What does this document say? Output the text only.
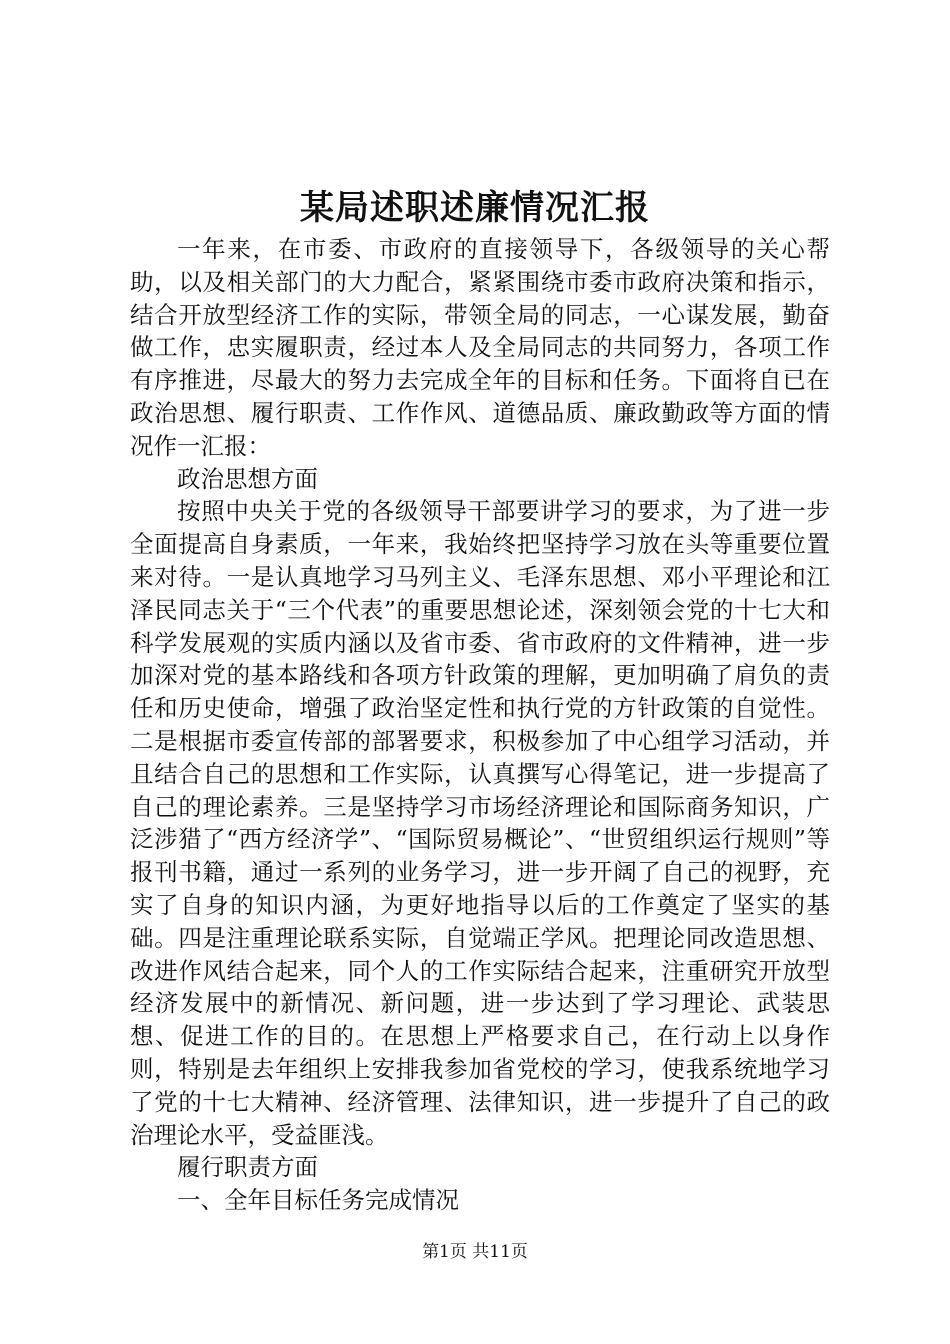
某局述职述廉情况汇报

一年来，在市委、市政府的直接领导下，各级领导的关心帮助，以及相关部门的大力配合，紧紧围绕市委市政府决策和指示，结合开放型经济工作的实际，带领全局的同志，一心谋发展，勤奋做工作，忠实履职责，经过本人及全局同志的共同努力，各项工作有序推进，尽最大的努力去完成全年的目标和任务。下面将自已在政治思想、履行职责、工作作风、道德品质、廉政勤政等方面的情况作一汇报：

政治思想方面

按照中央关于党的各级领导干部要讲学习的要求，为了进一步全面提高自身素质，一年来，我始终把坚持学习放在头等重要位置来对待。一是认真地学习马列主义、毛泽东思想、邓小平理论和江泽民同志关于“三个代表”的重要思想论述，深刻领会党的十七大和科学发展观的实质内涵以及省市委、省市政府的文件精神，进一步加深对党的基本路线和各项方针政策的理解，更加明确了肩负的责任和历史使命，增强了政治坚定性和执行党的方针政策的自觉性。二是根据市委宣传部的部署要求，积极参加了中心组学习活动，并且结合自己的思想和工作实际，认真撰写心得笔记，进一步提高了自己的理论素养。三是坚持学习市场经济理论和国际商务知识，广泛涉猎了“西方经济学”、“国际贸易概论”、“世贸组织运行规则”等报刊书籍，通过一系列的业务学习，进一步开阔了自己的视野，充实了自身的知识内涵，为更好地指导以后的工作奠定了坚实的基础。四是注重理论联系实际，自觉端正学风。把理论同改造思想、改进作风结合起来，同个人的工作实际结合起来，注重研究开放型经济发展中的新情况、新问题，进一步达到了学习理论、武装思想、促进工作的目的。在思想上严格要求自己，在行动上以身作则，特别是去年组织上安排我参加省党校的学习，使我系统地学习了党的十七大精神、经济管理、法律知识，进一步提升了自己的政治理论水平，受益匪浅。

履行职责方面

一、全年目标任务完成情况

第1页 共11页
